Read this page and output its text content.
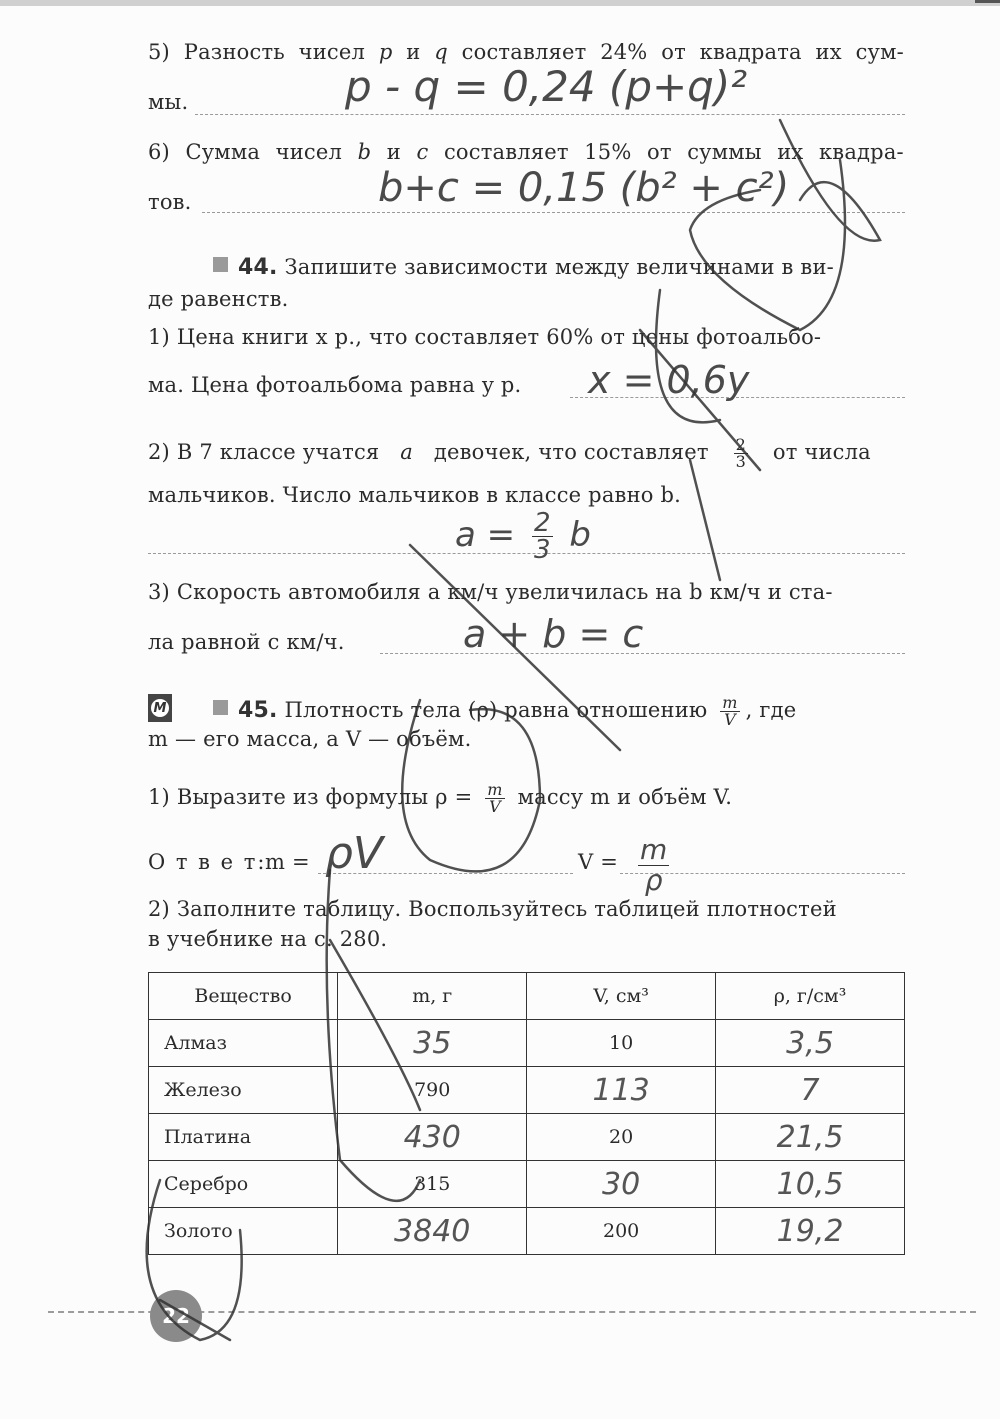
5) Разность чисел p и q составляет 24% от квадрата их сум-
мы.	p - q = 0,24 (p+q)²
6) Сумма чисел b и c составляет 15% от суммы их квадра-
тов.	b+c = 0,15 (b² + c²)
44. Запишите зависимости между величинами в ви-
де равенств.
1) Цена книги x р., что составляет 60% от цены фотоальбо-
ма. Цена фотоальбома равна y р. x = 0,6y
2) В 7 классе учатся a девочек, что составляет $\frac{2}{3}$ от числа
мальчиков. Число мальчиков в классе равно b.
$a = \frac{2}{3}$ b
3) Скорость автомобиля a км/ч увеличилась на b км/ч и ста-
ла равной c км/ч.	a + b = c
М	45. Плотность тела (ρ) равна отношению $\frac{m}{V}$ , где
m — его масса, а V — объём.
1) Выразите из формулы $\rho = \frac{m}{V}$ массу m и объём V.
О т в е т:
m = ρV	$V = \frac{m}{\rho}$
2) Заполните таблицу. Воспользуйтесь таблицей плотностей
в учебнике на с. 280.
Вещество	m, г	V, см³	ρ, г/см³
Алмаз	35	10	3,5
Железо	790	113	7
Платина	430	20	21,5
Серебро	315	30	10,5
Золото	3840	200	19,2
22
